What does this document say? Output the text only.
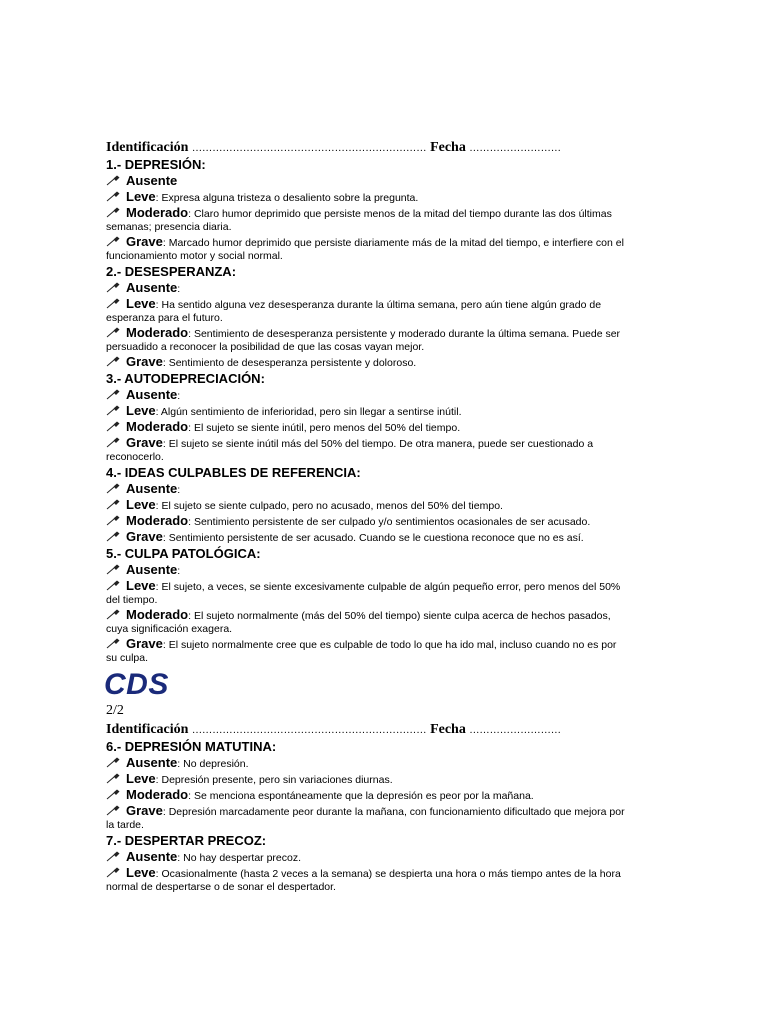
Identificación …………………………………………………………… Fecha ………………………
1.- DEPRESIÓN:
Ausente
Leve: Expresa alguna tristeza o desaliento sobre la pregunta.
Moderado: Claro humor deprimido que persiste menos de la mitad del tiempo durante las dos últimas semanas; presencia diaria.
Grave: Marcado humor deprimido que persiste diariamente más de la mitad del tiempo, e interfiere con el funcionamiento motor y social normal.
2.- DESESPERANZA:
Ausente:
Leve: Ha sentido alguna vez desesperanza durante la última semana, pero aún tiene algún grado de esperanza para el futuro.
Moderado: Sentimiento de desesperanza persistente y moderado durante la última semana. Puede ser persuadido a reconocer la posibilidad de que las cosas vayan mejor.
Grave: Sentimiento de desesperanza persistente y doloroso.
3.- AUTODEPRECIACIÓN:
Ausente:
Leve: Algún sentimiento de inferioridad, pero sin llegar a sentirse inútil.
Moderado: El sujeto se siente inútil, pero menos del 50% del tiempo.
Grave: El sujeto se siente inútil más del 50% del tiempo. De otra manera, puede ser cuestionado a reconocerlo.
4.- IDEAS CULPABLES DE REFERENCIA:
Ausente:
Leve: El sujeto se siente culpado, pero no acusado, menos del 50% del tiempo.
Moderado: Sentimiento persistente de ser culpado y/o sentimientos ocasionales de ser acusado.
Grave: Sentimiento persistente de ser acusado. Cuando se le cuestiona reconoce que no es así.
5.- CULPA PATOLÓGICA:
Ausente:
Leve: El sujeto, a veces, se siente excesivamente culpable de algún pequeño error, pero menos del 50% del tiempo.
Moderado: El sujeto normalmente (más del 50% del tiempo) siente culpa acerca de hechos pasados, cuya significación exagera.
Grave: El sujeto normalmente cree que es culpable de todo lo que ha ido mal, incluso cuando no es por su culpa.
CDS
2/2
Identificación …………………………………………………………… Fecha ………………………
6.- DEPRESIÓN MATUTINA:
Ausente: No depresión.
Leve: Depresión presente, pero sin variaciones diurnas.
Moderado: Se menciona espontáneamente que la depresión es peor por la mañana.
Grave: Depresión marcadamente peor durante la mañana, con funcionamiento dificultado que mejora por la tarde.
7.- DESPERTAR PRECOZ:
Ausente: No hay despertar precoz.
Leve: Ocasionalmente (hasta 2 veces a la semana) se despierta una hora o más tiempo antes de la hora normal de despertarse o de sonar el despertador.
